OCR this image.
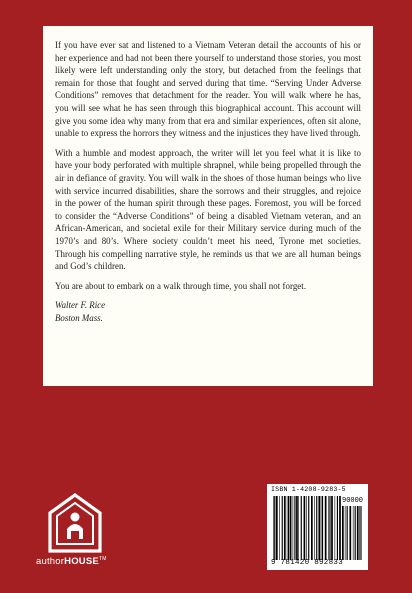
If you have ever sat and listened to a Vietnam Veteran detail the accounts of his or her experience and had not been there yourself to understand those stories, you most likely were left understanding only the story, but detached from the feelings that remain for those that fought and served during that time. “Serving Under Adverse Conditions” removes that detachment for the reader. You will walk where he has, you will see what he has seen through this biographical account. This account will give you some idea why many from that era and similar experiences, often sit alone, unable to express the horrors they witness and the injustices they have lived through.

With a humble and modest approach, the writer will let you feel what it is like to have your body perforated with multiple shrapnel, while being propelled through the air in defiance of gravity. You will walk in the shoes of those human beings who live with service incurred disabilities, share the sorrows and their struggles, and rejoice in the power of the human spirit through these pages. Foremost, you will be forced to consider the “Adverse Conditions” of being a disabled Vietnam veteran, and an African-American, and societal exile for their Military service during much of the 1970’s and 80’s. Where society couldn’t meet his need, Tyrone met societies. Through his compelling narrative style, he reminds us that we are all human beings and God’s children.

You are about to embark on a walk through time, you shall not forget.

Walter F. Rice
Boston Mass.

authorHOUSE™
ISBN 1-4208-9283-5
90000
9 781420 892833
